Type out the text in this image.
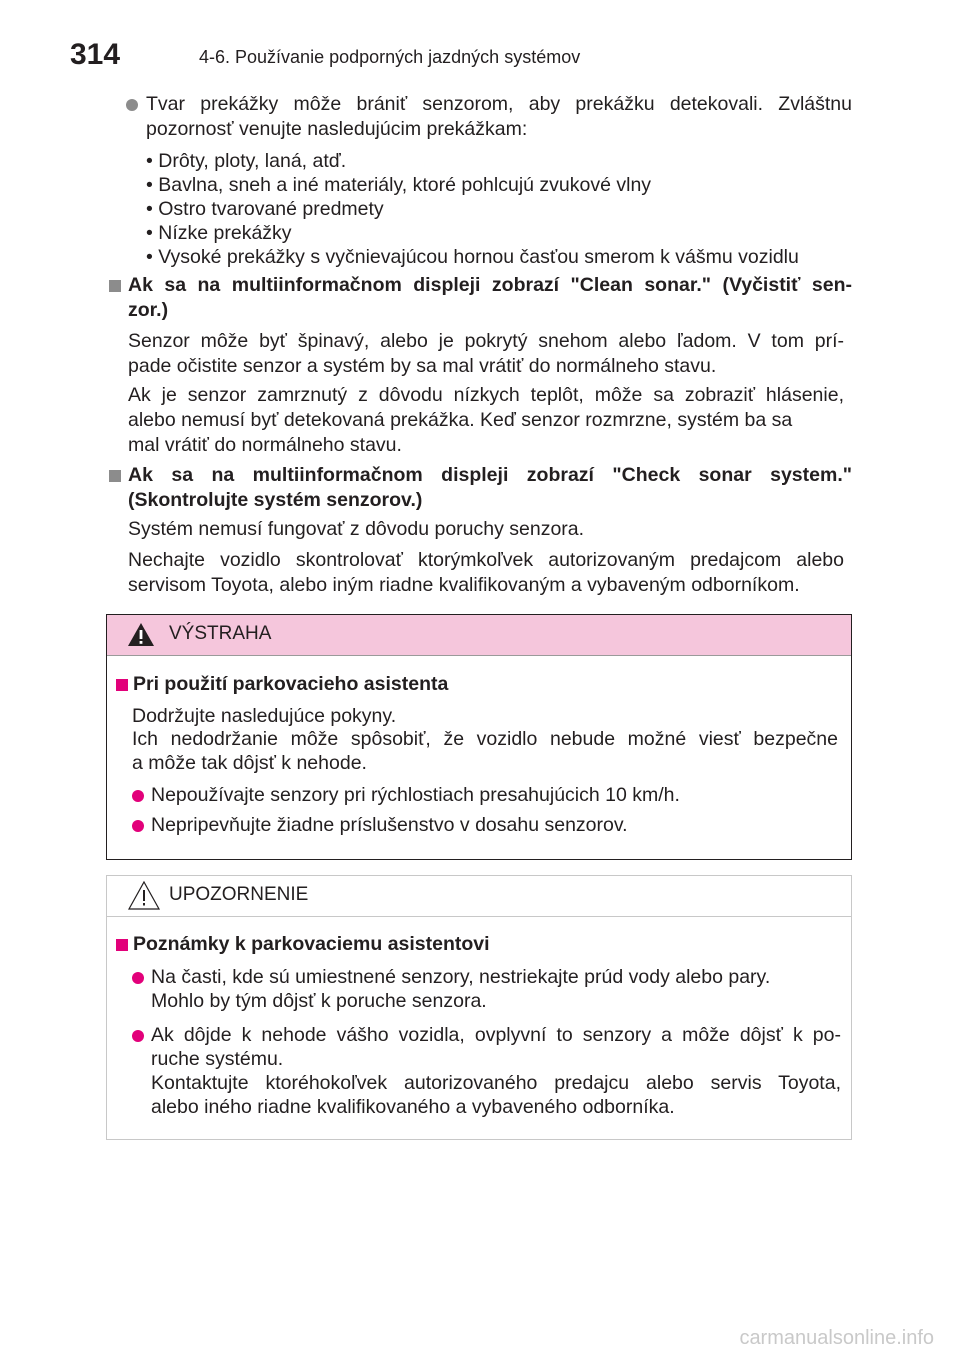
314	4-6. Používanie podporných jazdných systémov
Tvar prekážky môže brániť senzorom, aby prekážku detekovali. Zvláštnu
pozornosť venujte nasledujúcim prekážkam:
• Drôty, ploty, laná, atď.
• Bavlna, sneh a iné materiály, ktoré pohlcujú zvukové vlny
• Ostro tvarované predmety
• Nízke prekážky
• Vysoké prekážky s vyčnievajúcou hornou časťou smerom k vášmu vozidlu
Ak sa na multiinformačnom displeji zobrazí "Clean sonar." (Vyčistiť sen-
zor.)
Senzor môže byť špinavý, alebo je pokrytý snehom alebo ľadom. V tom prí-
pade očistite senzor a systém by sa mal vrátiť do normálneho stavu.
Ak je senzor zamrznutý z dôvodu nízkych teplôt, môže sa zobraziť hlásenie,
alebo nemusí byť detekovaná prekážka. Keď senzor rozmrzne, systém ba sa
mal vrátiť do normálneho stavu.
Ak sa na multiinformačnom displeji zobrazí "Check sonar system."
(Skontrolujte systém senzorov.)
Systém nemusí fungovať z dôvodu poruchy senzora.
Nechajte vozidlo skontrolovať ktorýmkoľvek autorizovaným predajcom alebo
servisom Toyota, alebo iným riadne kvalifikovaným a vybaveným odborníkom.
VÝSTRAHA
Pri použití parkovacieho asistenta
Dodržujte nasledujúce pokyny.
Ich nedodržanie môže spôsobiť, že vozidlo nebude možné viesť bezpečne
a môže tak dôjsť k nehode.
Nepoužívajte senzory pri rýchlostiach presahujúcich 10 km/h.
Nepripevňujte žiadne príslušenstvo v dosahu senzorov.
UPOZORNENIE
Poznámky k parkovaciemu asistentovi
Na časti, kde sú umiestnené senzory, nestriekajte prúd vody alebo pary.
Mohlo by tým dôjsť k poruche senzora.
Ak dôjde k nehode vášho vozidla, ovplyvní to senzory a môže dôjsť k po-
ruche systému.
Kontaktujte ktoréhokoľvek autorizovaného predajcu alebo servis Toyota,
alebo iného riadne kvalifikovaného a vybaveného odborníka.
carmanualsonline.info
